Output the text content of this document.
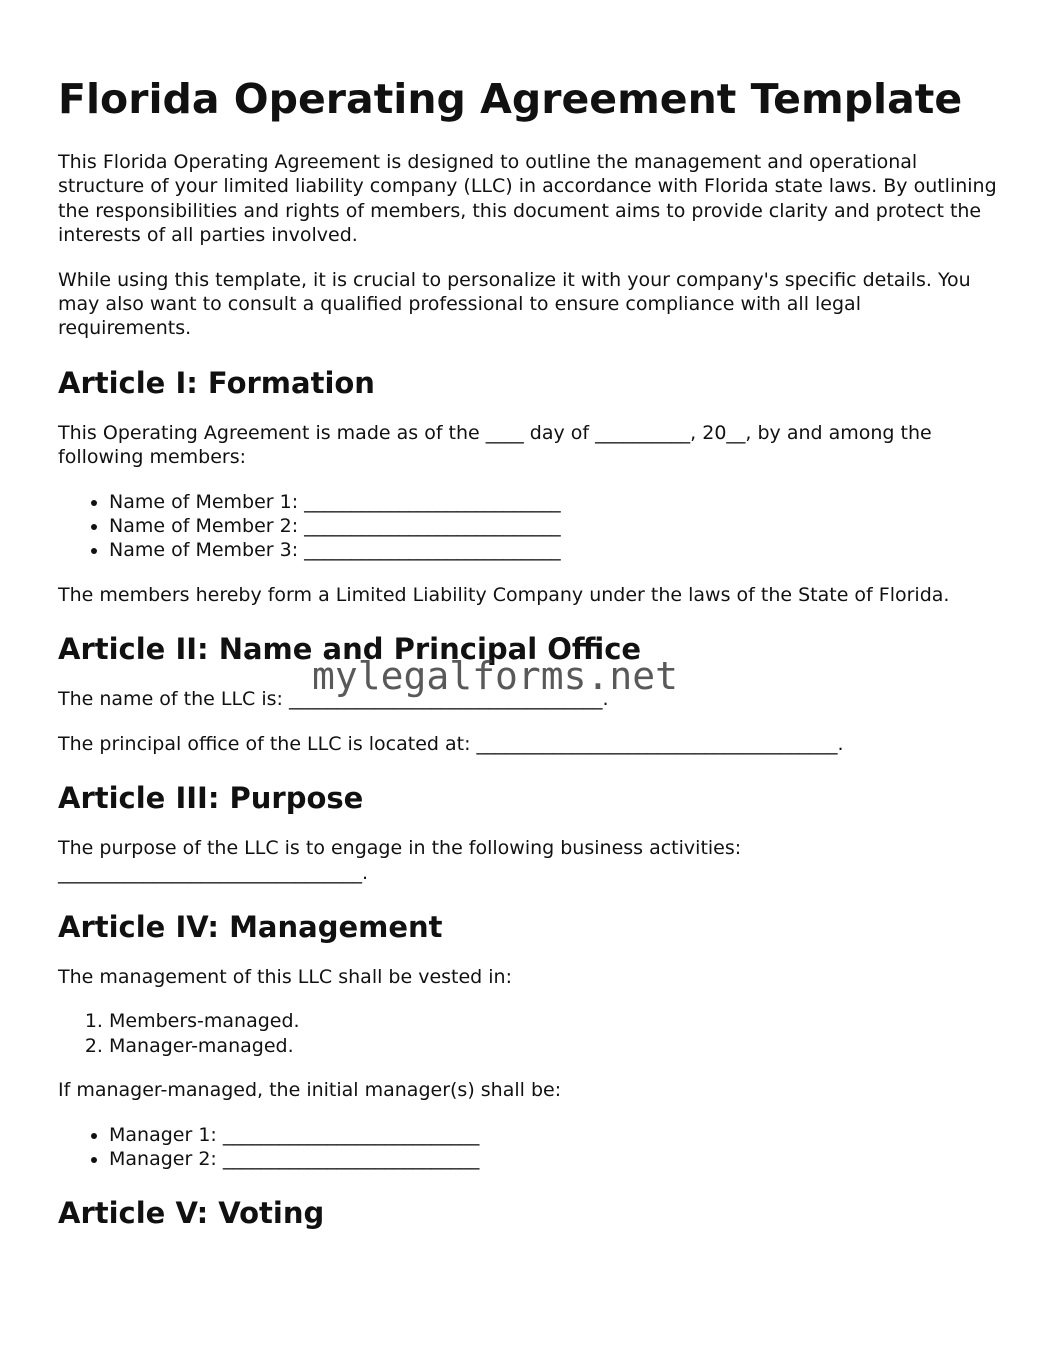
Florida Operating Agreement Template

This Florida Operating Agreement is designed to outline the management and operational structure of your limited liability company (LLC) in accordance with Florida state laws. By outlining the responsibilities and rights of members, this document aims to provide clarity and protect the interests of all parties involved.

While using this template, it is crucial to personalize it with your company's specific details. You may also want to consult a qualified professional to ensure compliance with all legal requirements.

Article I: Formation

This Operating Agreement is made as of the ____ day of __________, 20__, by and among the following members:

• Name of Member 1: ___________________________
• Name of Member 2: ___________________________
• Name of Member 3: ___________________________

The members hereby form a Limited Liability Company under the laws of the State of Florida.

Article II: Name and Principal Office

The name of the LLC is: _________________________________.

The principal office of the LLC is located at: ______________________________________.

Article III: Purpose

The purpose of the LLC is to engage in the following business activities: ________________________________.

Article IV: Management

The management of this LLC shall be vested in:

1. Members-managed.
2. Manager-managed.

If manager-managed, the initial manager(s) shall be:

• Manager 1: ___________________________
• Manager 2: ___________________________
Article V: Voting
mylegalforms.net
